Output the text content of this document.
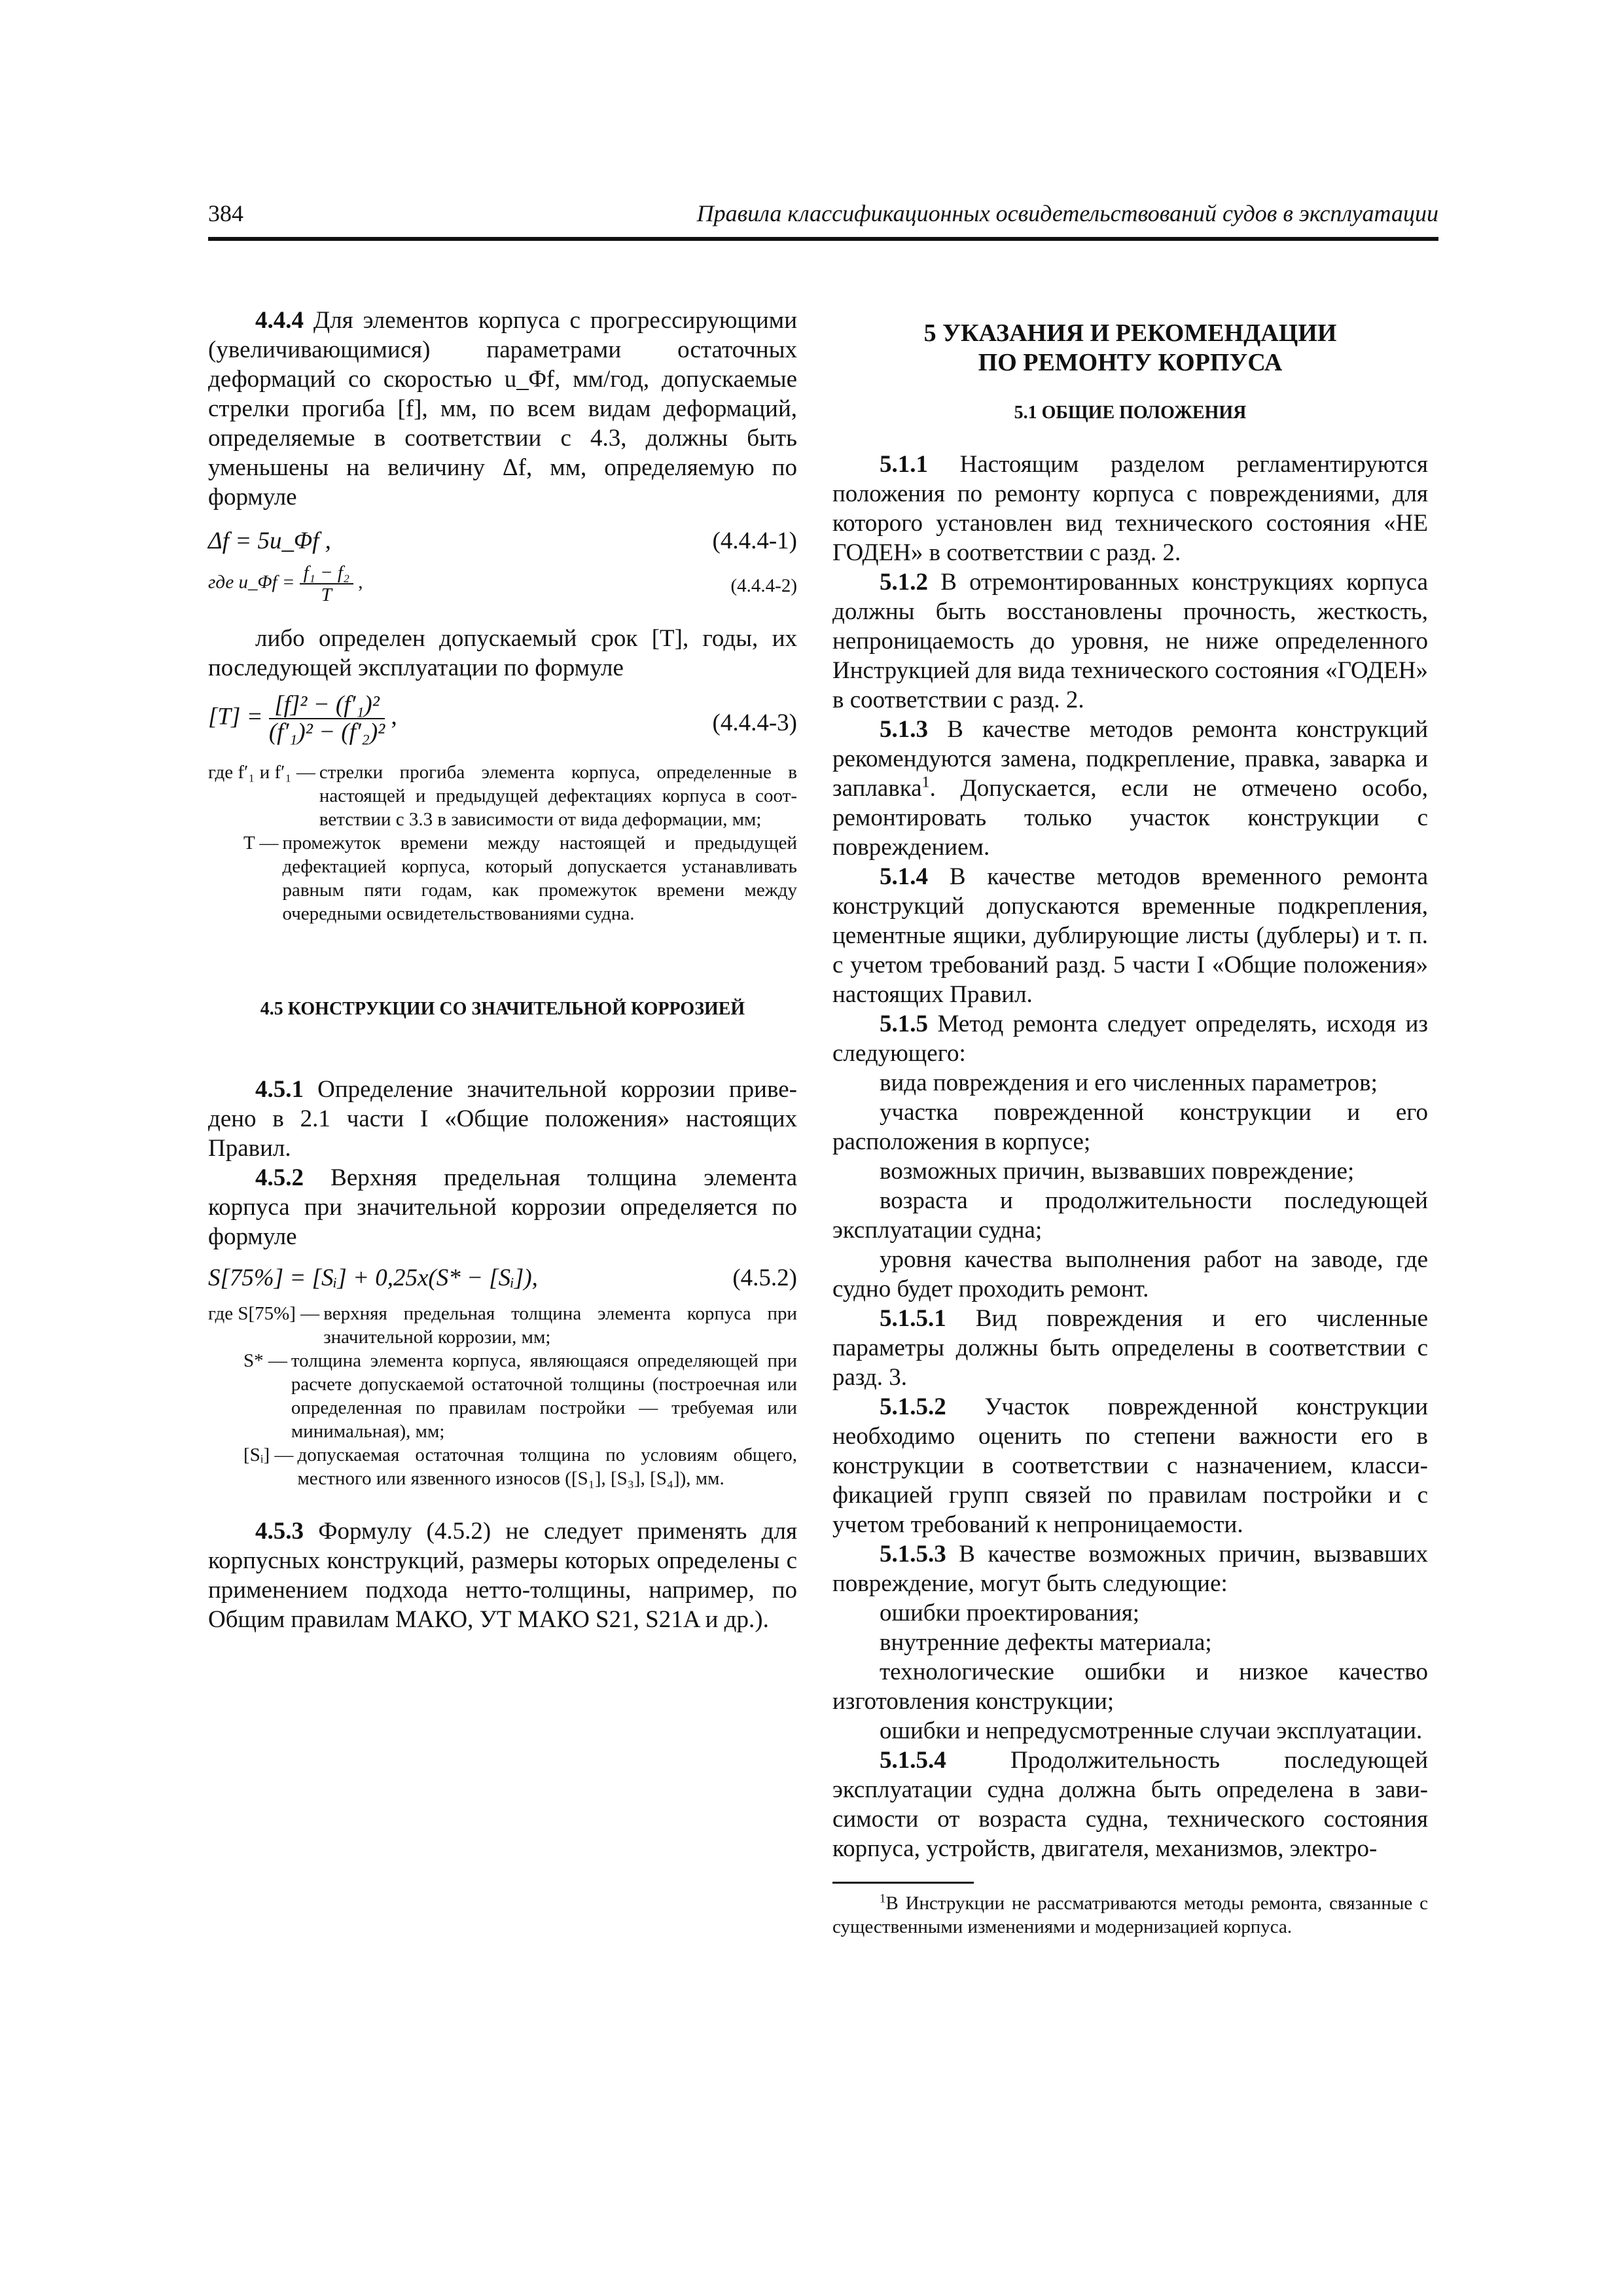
384	Правила классификационных освидетельствований судов в эксплуатации

4.4.4 Для элементов корпуса с прогрессирующими (увеличивающимися) параметрами остаточных деформаций со скоростью u_Φf, мм/год, допускаемые стрелки прогиба [f], мм, по всем видам деформаций, определяемые в соответствии с 4.3, должны быть уменьшены на величину Δf, мм, определяемую по формуле

Δf = 5u_Φf ,	(4.4.4-1)
где u_Φf = $\frac{\text{f₁ − f₂}}{T}$ ,	(4.4.4-2)

либо определен допускаемый срок [T], годы, их последующей эксплуатации по формуле

$[T] = \frac{\text{[f]² − (f′₁)²}}{\text{(f′₁)² − (f′₂)²}}$ ,	(4.4.4-3)
где f′₁ и f′₁ — стрелки прогиба элемента корпуса, определенные в настоящей и предыдущей дефектациях корпуса в соответствии с 3.3 в зависимости от вида деформации, мм;
T — промежуток времени между настоящей и предыдущей дефектацией корпуса, который допускается устанавливать равным пяти годам, как промежуток времени между очередными освидетельствованиями судна.
4.5 КОНСТРУКЦИИ СО ЗНАЧИТЕЛЬНОЙ КОРРОЗИЕЙ

4.5.1 Определение значительной коррозии приведено в 2.1 части I «Общие положения» настоящих Правил.

4.5.2 Верхняя предельная толщина элемента корпуса при значительной коррозии определяется по формуле

S[75%] = [Sᵢ] + 0,25x(S* − [Sᵢ]),	(4.5.2)
где S[75%] — верхняя предельная толщина элемента корпуса при значительной коррозии, мм;
S* — толщина элемента корпуса, являющаяся определяющей при расчете допускаемой остаточной толщины (построечная или определенная по правилам постройки — требуемая или минимальная), мм;
[Sᵢ] — допускаемая остаточная толщина по условиям общего, местного или язвенного износов ([S₁], [S₃], [S₄]), мм.

4.5.3 Формулу (4.5.2) не следует применять для корпусных конструкций, размеры которых определены с применением подхода нетто-толщины, например, по Общим правилам МАКО, УТ МАКО S21, S21A и др.).

5 УКАЗАНИЯ И РЕКОМЕНДАЦИИ
ПО РЕМОНТУ КОРПУСА
5.1 ОБЩИЕ ПОЛОЖЕНИЯ

5.1.1 Настоящим разделом регламентируются положения по ремонту корпуса с повреждениями, для которого установлен вид технического состояния «НЕ ГОДЕН» в соответствии с разд. 2.

5.1.2 В отремонтированных конструкциях корпуса должны быть восстановлены прочность, жесткость, непроницаемость до уровня, не ниже определенного Инструкцией для вида технического состояния «ГОДЕН» в соответствии с разд. 2.

5.1.3 В качестве методов ремонта конструкций рекомендуются замена, подкрепление, правка, заварка и заплавка$^1$. Допускается, если не отмечено особо, ремонтировать только участок конструкции с повреждением.

5.1.4 В качестве методов временного ремонта конструкций допускаются временные подкрепления, цементные ящики, дублирующие листы (дублеры) и т. п. с учетом требований разд. 5 части I «Общие положения» настоящих Правил.

5.1.5 Метод ремонта следует определять, исходя из следующего:

вида повреждения и его численных параметров;

участка поврежденной конструкции и его расположения в корпусе;

возможных причин, вызвавших повреждение;

возраста и продолжительности последующей эксплуатации судна;

уровня качества выполнения работ на заводе, где судно будет проходить ремонт.

5.1.5.1 Вид повреждения и его численные параметры должны быть определены в соответствии с разд. 3.

5.1.5.2 Участок поврежденной конструкции необходимо оценить по степени важности его в конструкции в соответствии с назначением, классификацией групп связей по правилам постройки и с учетом требований к непроницаемости.

5.1.5.3 В качестве возможных причин, вызвавших повреждение, могут быть следующие:

ошибки проектирования;

внутренние дефекты материала;

технологические ошибки и низкое качество изготовления конструкции;

ошибки и непредусмотренные случаи эксплуатации.

5.1.5.4 Продолжительность последующей эксплуатации судна должна быть определена в зависимости от возраста судна, технического состояния корпуса, устройств, двигателя, механизмов, электро-

$^1$В Инструкции не рассматриваются методы ремонта, связанные с существенными изменениями и модернизацией корпуса.
